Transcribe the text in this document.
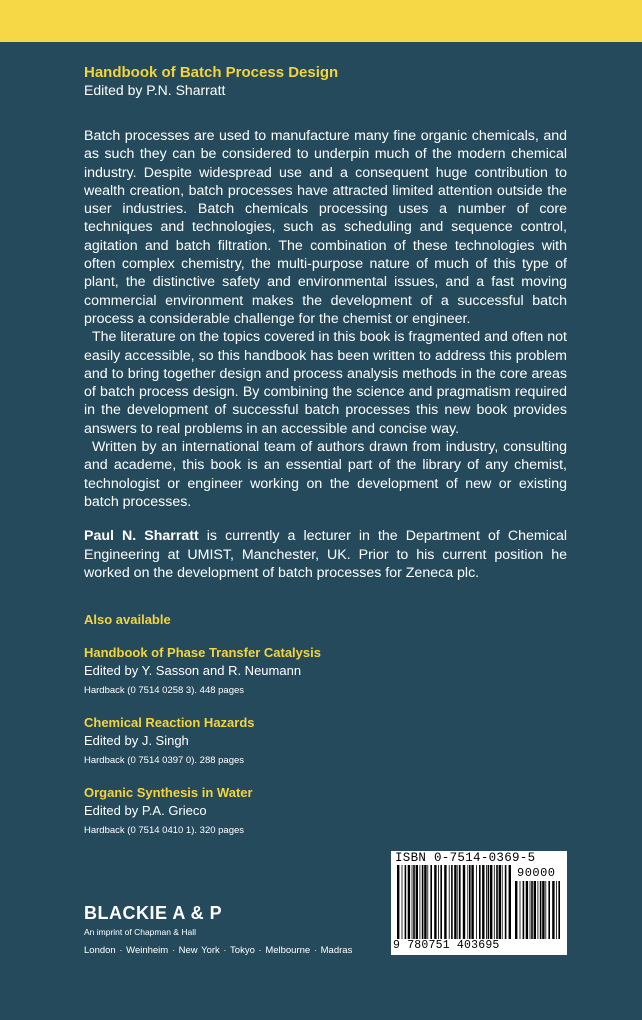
Handbook of Batch Process Design

Edited by P.N. Sharratt

Batch processes are used to manufacture many fine organic chemicals, and as such they can be considered to underpin much of the modern chemical industry. Despite widespread use and a consequent huge contribution to wealth creation, batch processes have attracted limited attention outside the user industries. Batch chemicals processing uses a number of core techniques and technologies, such as scheduling and sequence control, agitation and batch filtration. The combination of these technologies with often complex chemistry, the multi-purpose nature of much of this type of plant, the distinctive safety and environmental issues, and a fast moving commercial environment makes the development of a successful batch process a considerable challenge for the chemist or engineer.

The literature on the topics covered in this book is fragmented and often not easily accessible, so this handbook has been written to address this problem and to bring together design and process analysis methods in the core areas of batch process design. By combining the science and pragmatism required in the development of successful batch processes this new book provides answers to real problems in an accessible and concise way.

Written by an international team of authors drawn from industry, consulting and academe, this book is an essential part of the library of any chemist, technologist or engineer working on the development of new or existing batch processes.

Paul N. Sharratt is currently a lecturer in the Department of Chemical Engineering at UMIST, Manchester, UK. Prior to his current position he worked on the development of batch processes for Zeneca plc.

Also available
Handbook of Phase Transfer Catalysis
Edited by Y. Sasson and R. Neumann
Hardback (0 7514 0258 3). 448 pages
Chemical Reaction Hazards
Edited by J. Singh
Hardback (0 7514 0397 0). 288 pages
Organic Synthesis in Water
Edited by P.A. Grieco
Hardback (0 7514 0410 1). 320 pages
BLACKIE A & P
An imprint of Chapman & Hall
London · Weinheim · New York · Tokyo · Melbourne · Madras
ISBN 0-7514-0369-5
90000
9 780751 403695
